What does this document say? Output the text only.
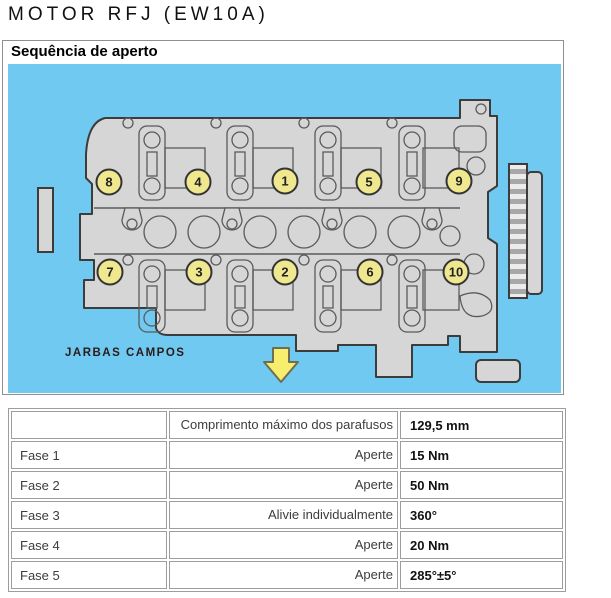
MOTOR RFJ (EW10A)
Sequência de aperto
8	4	1	5	9
7	3	2	6	10
JARBAS CAMPOS
	Comprimento máximo dos parafusos	129,5 mm
Fase 1	Aperte	15 Nm
Fase 2	Aperte	50 Nm
Fase 3	Alivie individualmente	360°
Fase 4	Aperte	20 Nm
Fase 5	Aperte	285°±5°
